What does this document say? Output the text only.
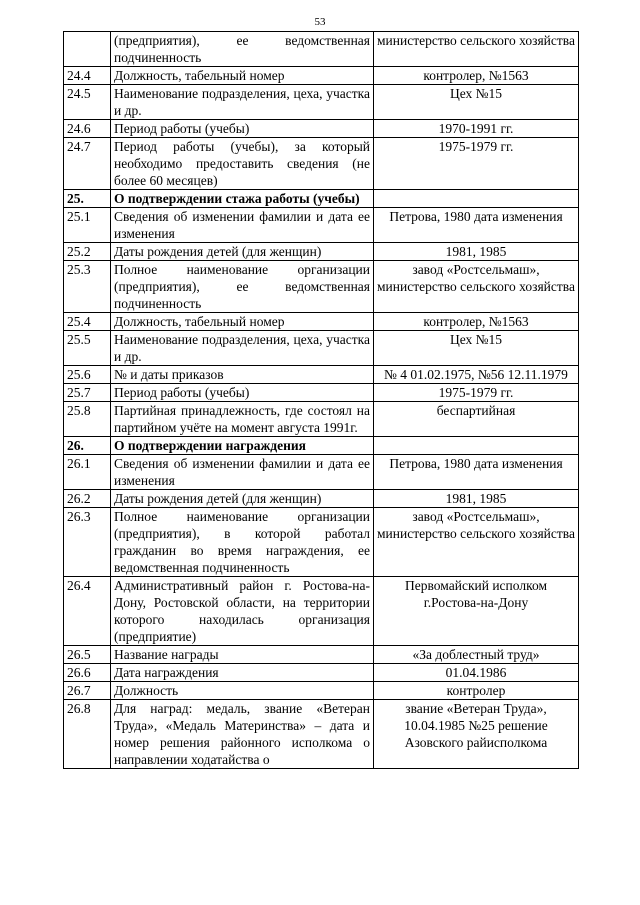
53
	(предприятия), ее ведомственная подчиненность	министерство сельского хозяйства
24.4	Должность, табельный номер	контролер, №1563
24.5	Наименование подразделения, цеха, участка и др.	Цех №15
24.6	Период работы (учебы)	1970-1991 гг.
24.7	Период работы (учебы), за который необходимо предоставить сведения (не более 60 месяцев)	1975-1979 гг.
25.	О подтверждении стажа работы (учебы)	
25.1	Сведения об изменении фамилии и дата ее изменения	Петрова, 1980 дата изменения
25.2	Даты рождения детей (для женщин)	1981, 1985
25.3	Полное наименование организации (предприятия), ее ведомственная подчиненность	завод «Ростсельмаш», министерство сельского хозяйства
25.4	Должность, табельный номер	контролер, №1563
25.5	Наименование подразделения, цеха, участка и др.	Цех №15
25.6	№ и даты приказов	№ 4 01.02.1975, №56 12.11.1979
25.7	Период работы (учебы)	1975-1979 гг.
25.8	Партийная принадлежность, где состоял на партийном учёте на момент августа 1991г.	беспартийная
26.	О подтверждении награждения	
26.1	Сведения об изменении фамилии и дата ее изменения	Петрова, 1980 дата изменения
26.2	Даты рождения детей (для женщин)	1981, 1985
26.3	Полное наименование организации (предприятия), в которой работал гражданин во время награждения, ее ведомственная подчиненность	завод «Ростсельмаш», министерство сельского хозяйства
26.4	Административный район г. Ростова-на-Дону, Ростовской области, на территории которого находилась организация (предприятие)	Первомайский исполком г.Ростова-на-Дону
26.5	Название награды	«За доблестный труд»
26.6	Дата награждения	01.04.1986
26.7	Должность	контролер
26.8	Для наград: медаль, звание «Ветеран Труда», «Медаль Материнства» – дата и номер решения районного исполкома о направлении ходатайства о	звание «Ветеран Труда», 10.04.1985 №25 решение Азовского райисполкома
